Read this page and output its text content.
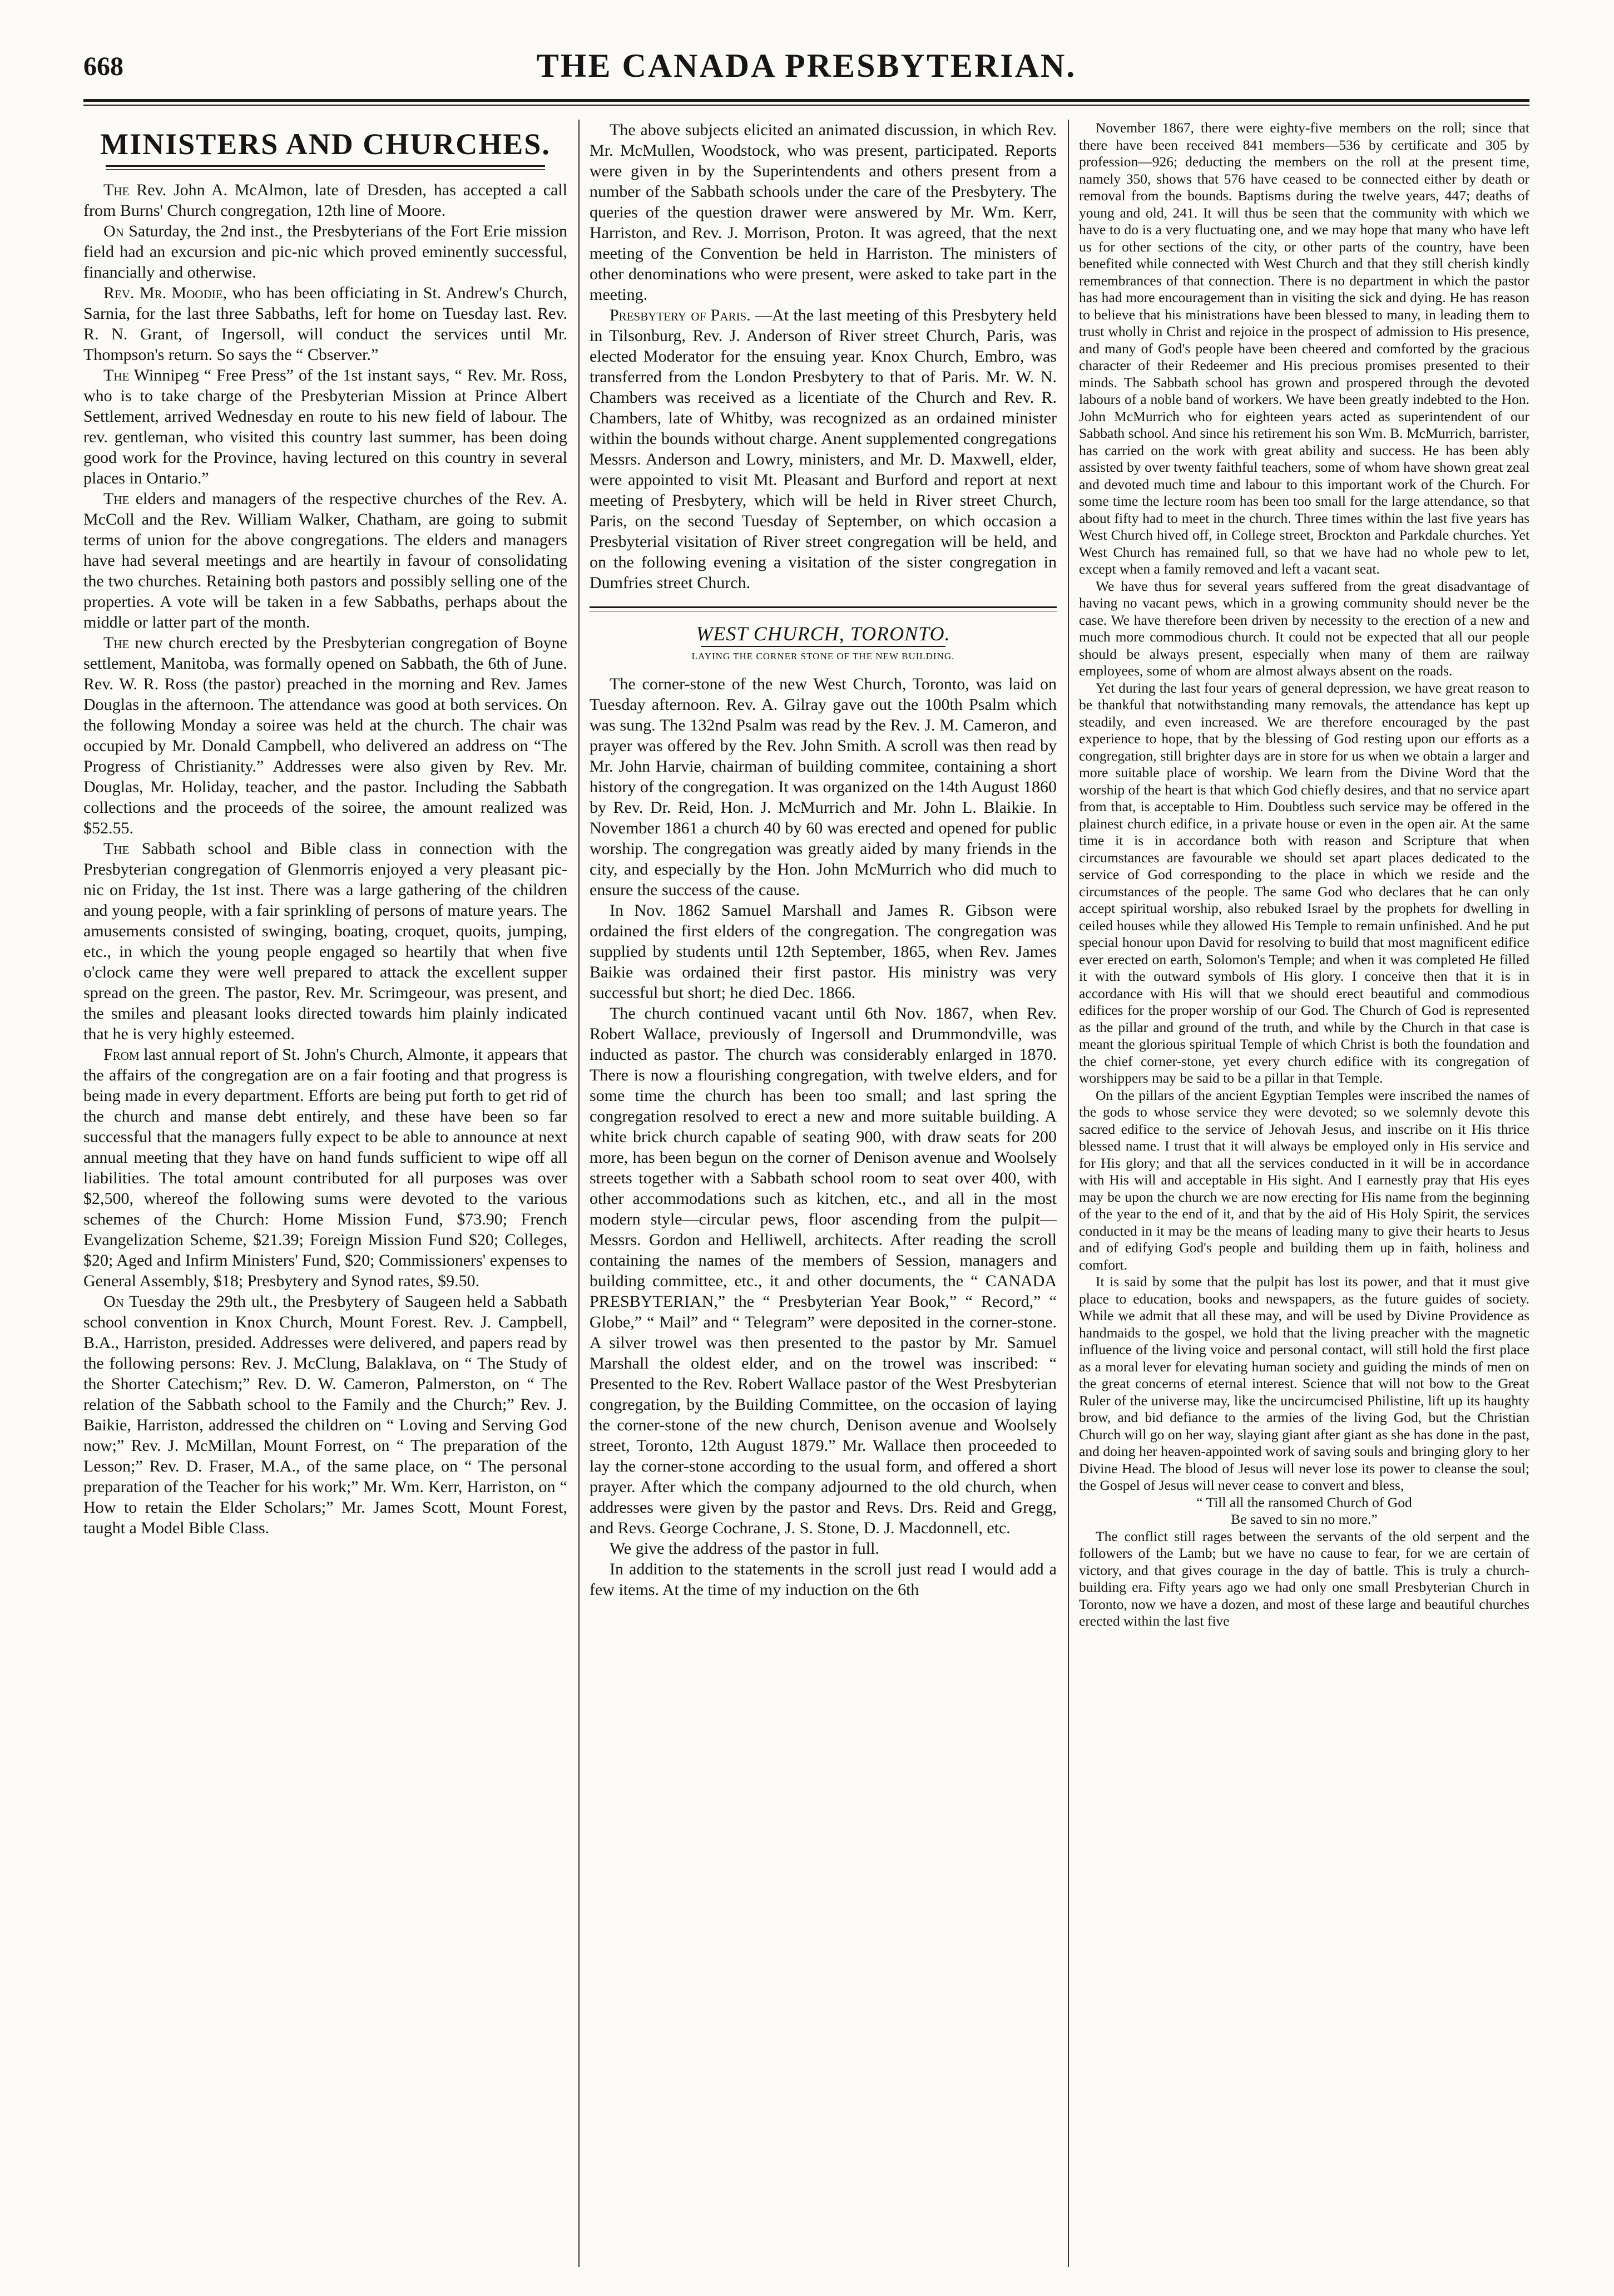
668	THE CANADA PRESBYTERIAN.
MINISTERS AND CHURCHES.

The Rev. John A. McAlmon, late of Dresden, has accepted a call from Burns' Church congregation, 12th line of Moore.

On Saturday, the 2nd inst., the Presbyterians of the Fort Erie mission field had an excursion and pic-nic which proved eminently successful, financially and otherwise.

Rev. Mr. Moodie, who has been officiating in St. Andrew's Church, Sarnia, for the last three Sabbaths, left for home on Tuesday last. Rev. R. N. Grant, of Ingersoll, will conduct the services until Mr. Thompson's return. So says the “ Cbserver.”

The Winnipeg “ Free Press” of the 1st instant says, “ Rev. Mr. Ross, who is to take charge of the Presbyterian Mission at Prince Albert Settlement, arrived Wednesday en route to his new field of labour. The rev. gentleman, who visited this country last summer, has been doing good work for the Province, having lectured on this country in several places in Ontario.”

The elders and managers of the respective churches of the Rev. A. McColl and the Rev. William Walker, Chatham, are going to submit terms of union for the above congregations. The elders and managers have had several meetings and are heartily in favour of consolidating the two churches. Retaining both pastors and possibly selling one of the properties. A vote will be taken in a few Sabbaths, perhaps about the middle or latter part of the month.

The new church erected by the Presbyterian congregation of Boyne settlement, Manitoba, was formally opened on Sabbath, the 6th of June. Rev. W. R. Ross (the pastor) preached in the morning and Rev. James Douglas in the afternoon. The attendance was good at both services. On the following Monday a soiree was held at the church. The chair was occupied by Mr. Donald Campbell, who delivered an address on “The Progress of Christianity.” Addresses were also given by Rev. Mr. Douglas, Mr. Holiday, teacher, and the pastor. Including the Sabbath collections and the proceeds of the soiree, the amount realized was $52.55.

The Sabbath school and Bible class in connection with the Presbyterian congregation of Glenmorris enjoyed a very pleasant pic-nic on Friday, the 1st inst. There was a large gathering of the children and young people, with a fair sprinkling of persons of mature years. The amusements consisted of swinging, boating, croquet, quoits, jumping, etc., in which the young people engaged so heartily that when five o'clock came they were well prepared to attack the excellent supper spread on the green. The pastor, Rev. Mr. Scrimgeour, was present, and the smiles and pleasant looks directed towards him plainly indicated that he is very highly esteemed.

From last annual report of St. John's Church, Almonte, it appears that the affairs of the congregation are on a fair footing and that progress is being made in every department. Efforts are being put forth to get rid of the church and manse debt entirely, and these have been so far successful that the managers fully expect to be able to announce at next annual meeting that they have on hand funds sufficient to wipe off all liabilities. The total amount contributed for all purposes was over $2,500, whereof the following sums were devoted to the various schemes of the Church: Home Mission Fund, $73.90; French Evangelization Scheme, $21.39; Foreign Mission Fund $20; Colleges, $20; Aged and Infirm Ministers' Fund, $20; Commissioners' expenses to General Assembly, $18; Presbytery and Synod rates, $9.50.

On Tuesday the 29th ult., the Presbytery of Saugeen held a Sabbath school convention in Knox Church, Mount Forest. Rev. J. Campbell, B.A., Harriston, presided. Addresses were delivered, and papers read by the following persons: Rev. J. McClung, Balaklava, on “ The Study of the Shorter Catechism;” Rev. D. W. Cameron, Palmerston, on “ The relation of the Sabbath school to the Family and the Church;” Rev. J. Baikie, Harriston, addressed the children on “ Loving and Serving God now;” Rev. J. McMillan, Mount Forrest, on “ The preparation of the Lesson;” Rev. D. Fraser, M.A., of the same place, on “ The personal preparation of the Teacher for his work;” Mr. Wm. Kerr, Harriston, on “ How to retain the Elder Scholars;” Mr. James Scott, Mount Forest, taught a Model Bible Class.

The above subjects elicited an animated discussion, in which Rev. Mr. McMullen, Woodstock, who was present, participated. Reports were given in by the Superintendents and others present from a number of the Sabbath schools under the care of the Presbytery. The queries of the question drawer were answered by Mr. Wm. Kerr, Harriston, and Rev. J. Morrison, Proton. It was agreed, that the next meeting of the Convention be held in Harriston. The ministers of other denominations who were present, were asked to take part in the meeting.

Presbytery of Paris. —At the last meeting of this Presbytery held in Tilsonburg, Rev. J. Anderson of River street Church, Paris, was elected Moderator for the ensuing year. Knox Church, Embro, was transferred from the London Presbytery to that of Paris. Mr. W. N. Chambers was received as a licentiate of the Church and Rev. R. Chambers, late of Whitby, was recognized as an ordained minister within the bounds without charge. Anent supplemented congregations Messrs. Anderson and Lowry, ministers, and Mr. D. Maxwell, elder, were appointed to visit Mt. Pleasant and Burford and report at next meeting of Presbytery, which will be held in River street Church, Paris, on the second Tuesday of September, on which occasion a Presbyterial visitation of River street congregation will be held, and on the following evening a visitation of the sister congregation in Dumfries street Church.

WEST CHURCH, TORONTO.
LAYING THE CORNER STONE OF THE NEW BUILDING.

The corner-stone of the new West Church, Toronto, was laid on Tuesday afternoon. Rev. A. Gilray gave out the 100th Psalm which was sung. The 132nd Psalm was read by the Rev. J. M. Cameron, and prayer was offered by the Rev. John Smith. A scroll was then read by Mr. John Harvie, chairman of building commitee, containing a short history of the congregation. It was organized on the 14th August 1860 by Rev. Dr. Reid, Hon. J. McMurrich and Mr. John L. Blaikie. In November 1861 a church 40 by 60 was erected and opened for public worship. The congregation was greatly aided by many friends in the city, and especially by the Hon. John McMurrich who did much to ensure the success of the cause.

In Nov. 1862 Samuel Marshall and James R. Gibson were ordained the first elders of the congregation. The congregation was supplied by students until 12th September, 1865, when Rev. James Baikie was ordained their first pastor. His ministry was very successful but short; he died Dec. 1866.

The church continued vacant until 6th Nov. 1867, when Rev. Robert Wallace, previously of Ingersoll and Drummondville, was inducted as pastor. The church was considerably enlarged in 1870. There is now a flourishing congregation, with twelve elders, and for some time the church has been too small; and last spring the congregation resolved to erect a new and more suitable building. A white brick church capable of seating 900, with draw seats for 200 more, has been begun on the corner of Denison avenue and Woolsely streets together with a Sabbath school room to seat over 400, with other accommodations such as kitchen, etc., and all in the most modern style—circular pews, floor ascending from the pulpit—Messrs. Gordon and Helliwell, architects. After reading the scroll containing the names of the members of Session, managers and building committee, etc., it and other documents, the “ CANADA PRESBYTERIAN,” the “ Presbyterian Year Book,” “ Record,” “ Globe,” “ Mail” and “ Telegram” were deposited in the corner-stone. A silver trowel was then presented to the pastor by Mr. Samuel Marshall the oldest elder, and on the trowel was inscribed: “ Presented to the Rev. Robert Wallace pastor of the West Presbyterian congregation, by the Building Committee, on the occasion of laying the corner-stone of the new church, Denison avenue and Woolsely street, Toronto, 12th August 1879.” Mr. Wallace then proceeded to lay the corner-stone according to the usual form, and offered a short prayer. After which the company adjourned to the old church, when addresses were given by the pastor and Revs. Drs. Reid and Gregg, and Revs. George Cochrane, J. S. Stone, D. J. Macdonnell, etc.

We give the address of the pastor in full.

In addition to the statements in the scroll just read I would add a few items. At the time of my induction on the 6th

November 1867, there were eighty-five members on the roll; since that there have been received 841 members—536 by certificate and 305 by profession—926; deducting the members on the roll at the present time, namely 350, shows that 576 have ceased to be connected either by death or removal from the bounds. Baptisms during the twelve years, 447; deaths of young and old, 241. It will thus be seen that the community with which we have to do is a very fluctuating one, and we may hope that many who have left us for other sections of the city, or other parts of the country, have been benefited while connected with West Church and that they still cherish kindly remembrances of that connection. There is no department in which the pastor has had more encouragement than in visiting the sick and dying. He has reason to believe that his ministrations have been blessed to many, in leading them to trust wholly in Christ and rejoice in the prospect of admission to His presence, and many of God's people have been cheered and comforted by the gracious character of their Redeemer and His precious promises presented to their minds. The Sabbath school has grown and prospered through the devoted labours of a noble band of workers. We have been greatly indebted to the Hon. John McMurrich who for eighteen years acted as superintendent of our Sabbath school. And since his retirement his son Wm. B. McMurrich, barrister, has carried on the work with great ability and success. He has been ably assisted by over twenty faithful teachers, some of whom have shown great zeal and devoted much time and labour to this important work of the Church. For some time the lecture room has been too small for the large attendance, so that about fifty had to meet in the church. Three times within the last five years has West Church hived off, in College street, Brockton and Parkdale churches. Yet West Church has remained full, so that we have had no whole pew to let, except when a family removed and left a vacant seat.

We have thus for several years suffered from the great disadvantage of having no vacant pews, which in a growing community should never be the case. We have therefore been driven by necessity to the erection of a new and much more commodious church. It could not be expected that all our people should be always present, especially when many of them are railway employees, some of whom are almost always absent on the roads.

Yet during the last four years of general depression, we have great reason to be thankful that notwithstanding many removals, the attendance has kept up steadily, and even increased. We are therefore encouraged by the past experience to hope, that by the blessing of God resting upon our efforts as a congregation, still brighter days are in store for us when we obtain a larger and more suitable place of worship. We learn from the Divine Word that the worship of the heart is that which God chiefly desires, and that no service apart from that, is acceptable to Him. Doubtless such service may be offered in the plainest church edifice, in a private house or even in the open air. At the same time it is in accordance both with reason and Scripture that when circumstances are favourable we should set apart places dedicated to the service of God corresponding to the place in which we reside and the circumstances of the people. The same God who declares that he can only accept spiritual worship, also rebuked Israel by the prophets for dwelling in ceiled houses while they allowed His Temple to remain unfinished. And he put special honour upon David for resolving to build that most magnificent edifice ever erected on earth, Solomon's Temple; and when it was completed He filled it with the outward symbols of His glory. I conceive then that it is in accordance with His will that we should erect beautiful and commodious edifices for the proper worship of our God. The Church of God is represented as the pillar and ground of the truth, and while by the Church in that case is meant the glorious spiritual Temple of which Christ is both the foundation and the chief corner-stone, yet every church edifice with its congregation of worshippers may be said to be a pillar in that Temple.

On the pillars of the ancient Egyptian Temples were inscribed the names of the gods to whose service they were devoted; so we solemnly devote this sacred edifice to the service of Jehovah Jesus, and inscribe on it His thrice blessed name. I trust that it will always be employed only in His service and for His glory; and that all the services conducted in it will be in accordance with His will and acceptable in His sight. And I earnestly pray that His eyes may be upon the church we are now erecting for His name from the beginning of the year to the end of it, and that by the aid of His Holy Spirit, the services conducted in it may be the means of leading many to give their hearts to Jesus and of edifying God's people and building them up in faith, holiness and comfort.

It is said by some that the pulpit has lost its power, and that it must give place to education, books and newspapers, as the future guides of society. While we admit that all these may, and will be used by Divine Providence as handmaids to the gospel, we hold that the living preacher with the magnetic influence of the living voice and personal contact, will still hold the first place as a moral lever for elevating human society and guiding the minds of men on the great concerns of eternal interest. Science that will not bow to the Great Ruler of the universe may, like the uncircumcised Philistine, lift up its haughty brow, and bid defiance to the armies of the living God, but the Christian Church will go on her way, slaying giant after giant as she has done in the past, and doing her heaven-appointed work of saving souls and bringing glory to her Divine Head. The blood of Jesus will never lose its power to cleanse the soul; the Gospel of Jesus will never cease to convert and bless,

“ Till all the ransomed Church of God

Be saved to sin no more.”

The conflict still rages between the servants of the old serpent and the followers of the Lamb; but we have no cause to fear, for we are certain of victory, and that gives courage in the day of battle. This is truly a church-building era. Fifty years ago we had only one small Presbyterian Church in Toronto, now we have a dozen, and most of these large and beautiful churches erected within the last five
